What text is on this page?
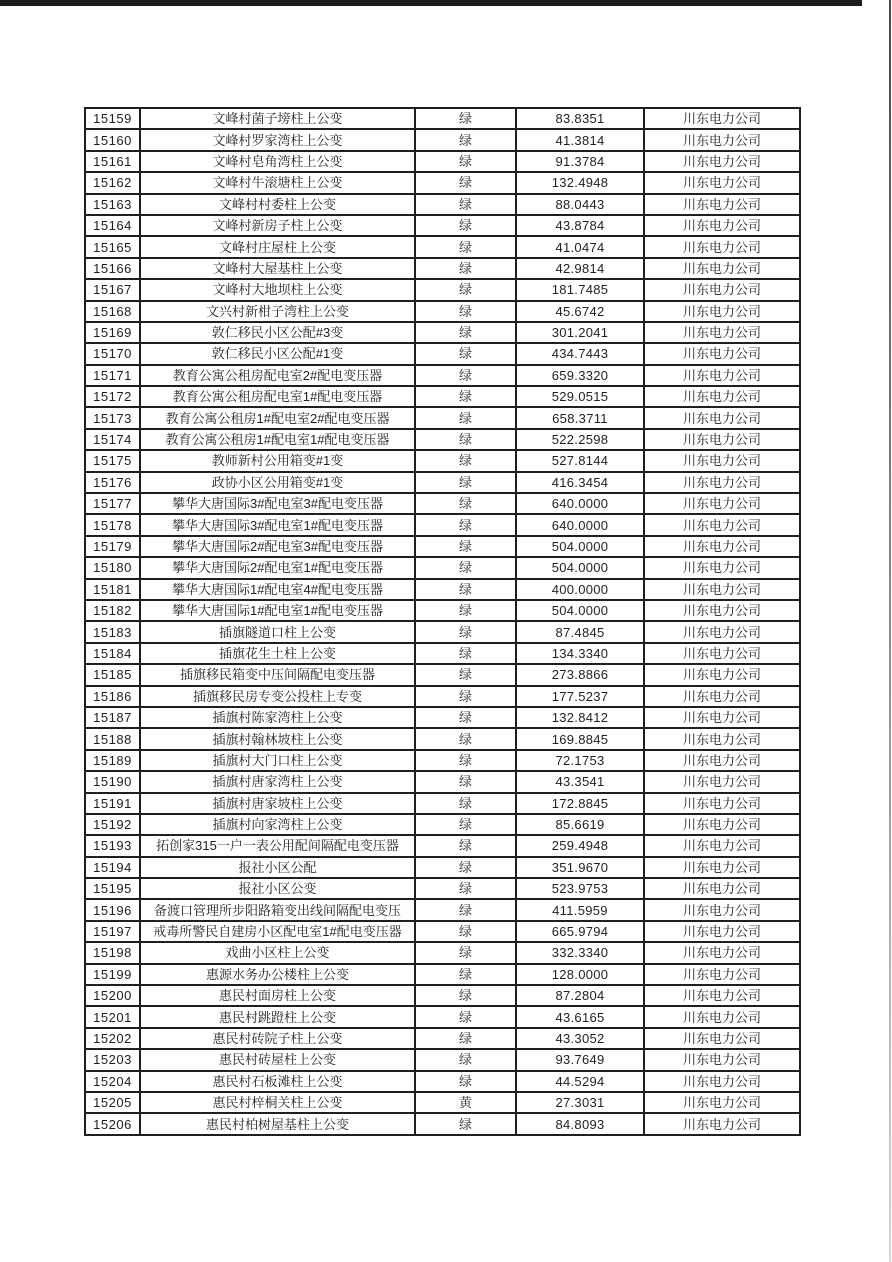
15159	文峰村菌子塝柱上公变	绿	83.8351	川东电力公司
15160	文峰村罗家湾柱上公变	绿	41.3814	川东电力公司
15161	文峰村皂角湾柱上公变	绿	91.3784	川东电力公司
15162	文峰村牛滚塘柱上公变	绿	132.4948	川东电力公司
15163	文峰村村委柱上公变	绿	88.0443	川东电力公司
15164	文峰村新房子柱上公变	绿	43.8784	川东电力公司
15165	文峰村庄屋柱上公变	绿	41.0474	川东电力公司
15166	文峰村大屋基柱上公变	绿	42.9814	川东电力公司
15167	文峰村大地坝柱上公变	绿	181.7485	川东电力公司
15168	文兴村新柑子湾柱上公变	绿	45.6742	川东电力公司
15169	敦仁移民小区公配#3变	绿	301.2041	川东电力公司
15170	敦仁移民小区公配#1变	绿	434.7443	川东电力公司
15171	教育公寓公租房配电室2#配电变压器	绿	659.3320	川东电力公司
15172	教育公寓公租房配电室1#配电变压器	绿	529.0515	川东电力公司
15173	教育公寓公租房1#配电室2#配电变压器	绿	658.3711	川东电力公司
15174	教育公寓公租房1#配电室1#配电变压器	绿	522.2598	川东电力公司
15175	教师新村公用箱变#1变	绿	527.8144	川东电力公司
15176	政协小区公用箱变#1变	绿	416.3454	川东电力公司
15177	攀华大唐国际3#配电室3#配电变压器	绿	640.0000	川东电力公司
15178	攀华大唐国际3#配电室1#配电变压器	绿	640.0000	川东电力公司
15179	攀华大唐国际2#配电室3#配电变压器	绿	504.0000	川东电力公司
15180	攀华大唐国际2#配电室1#配电变压器	绿	504.0000	川东电力公司
15181	攀华大唐国际1#配电室4#配电变压器	绿	400.0000	川东电力公司
15182	攀华大唐国际1#配电室1#配电变压器	绿	504.0000	川东电力公司
15183	插旗隧道口柱上公变	绿	87.4845	川东电力公司
15184	插旗花生土柱上公变	绿	134.3340	川东电力公司
15185	插旗移民箱变中压间隔配电变压器	绿	273.8866	川东电力公司
15186	插旗移民房专变公投柱上专变	绿	177.5237	川东电力公司
15187	插旗村陈家湾柱上公变	绿	132.8412	川东电力公司
15188	插旗村翰林坡柱上公变	绿	169.8845	川东电力公司
15189	插旗村大门口柱上公变	绿	72.1753	川东电力公司
15190	插旗村唐家湾柱上公变	绿	43.3541	川东电力公司
15191	插旗村唐家坡柱上公变	绿	172.8845	川东电力公司
15192	插旗村向家湾柱上公变	绿	85.6619	川东电力公司
15193	拓创家315一户一表公用配间隔配电变压器	绿	259.4948	川东电力公司
15194	报社小区公配	绿	351.9670	川东电力公司
15195	报社小区公变	绿	523.9753	川东电力公司
15196	备渡口管理所步阳路箱变出线间隔配电变压	绿	411.5959	川东电力公司
15197	戒毒所警民自建房小区配电室1#配电变压器	绿	665.9794	川东电力公司
15198	戏曲小区柱上公变	绿	332.3340	川东电力公司
15199	惠源水务办公楼柱上公变	绿	128.0000	川东电力公司
15200	惠民村面房柱上公变	绿	87.2804	川东电力公司
15201	惠民村跳蹬柱上公变	绿	43.6165	川东电力公司
15202	惠民村砖院子柱上公变	绿	43.3052	川东电力公司
15203	惠民村砖屋柱上公变	绿	93.7649	川东电力公司
15204	惠民村石板滩柱上公变	绿	44.5294	川东电力公司
15205	惠民村梓桐关柱上公变	黄	27.3031	川东电力公司
15206	惠民村柏树屋基柱上公变	绿	84.8093	川东电力公司
